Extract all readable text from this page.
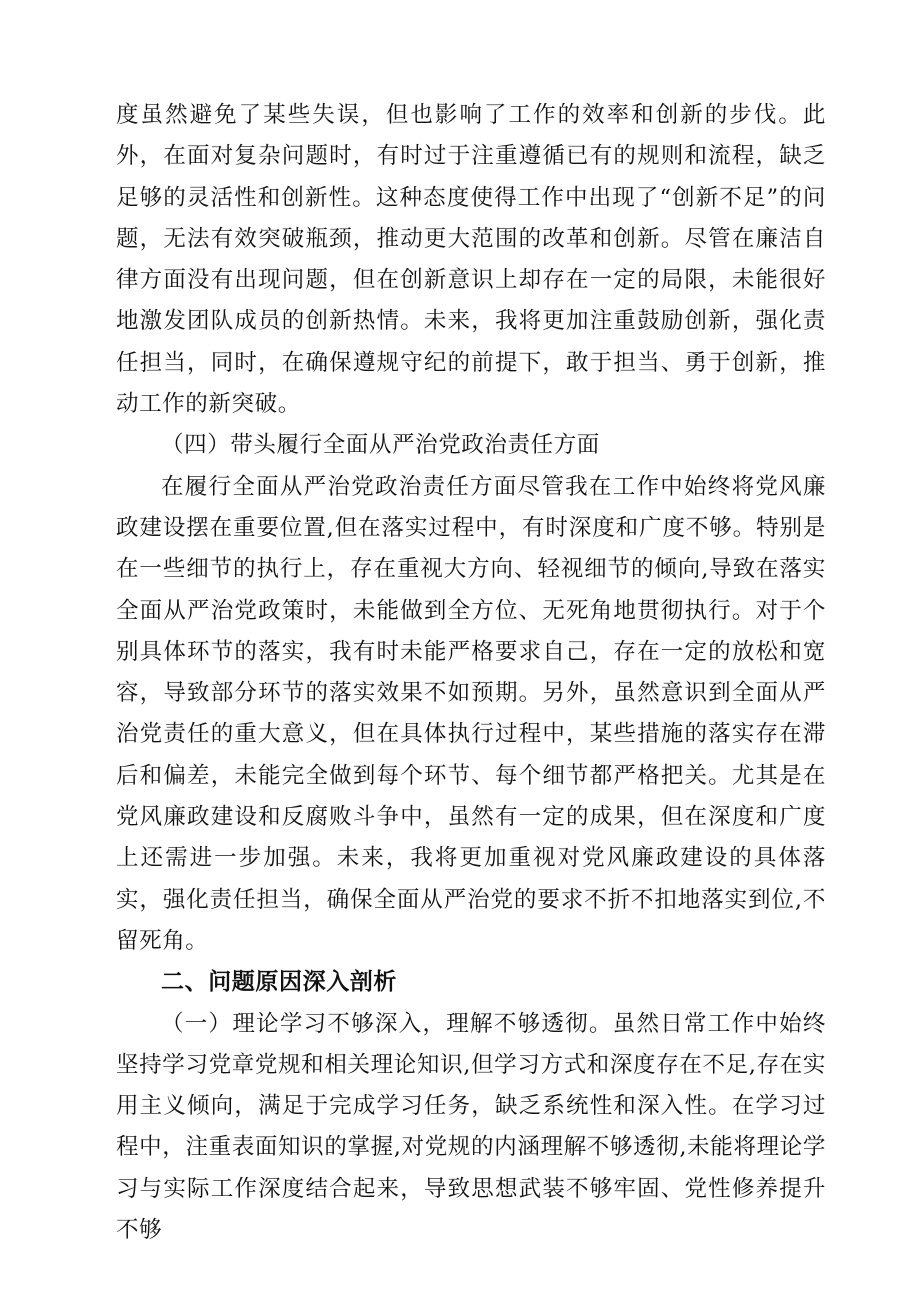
度虽然避免了某些失误，但也影响了工作的效率和创新的步伐。此外，在面对复杂问题时，有时过于注重遵循已有的规则和流程，缺乏足够的灵活性和创新性。这种态度使得工作中出现了“创新不足”的问题，无法有效突破瓶颈，推动更大范围的改革和创新。尽管在廉洁自律方面没有出现问题，但在创新意识上却存在一定的局限，未能很好地激发团队成员的创新热情。未来，我将更加注重鼓励创新，强化责任担当，同时，在确保遵规守纪的前提下，敢于担当、勇于创新，推动工作的新突破。

（四）带头履行全面从严治党政治责任方面

在履行全面从严治党政治责任方面尽管我在工作中始终将党风廉政建设摆在重要位置,但在落实过程中，有时深度和广度不够。特别是在一些细节的执行上，存在重视大方向、轻视细节的倾向,导致在落实全面从严治党政策时，未能做到全方位、无死角地贯彻执行。对于个别具体环节的落实，我有时未能严格要求自己，存在一定的放松和宽容，导致部分环节的落实效果不如预期。另外，虽然意识到全面从严治党责任的重大意义，但在具体执行过程中，某些措施的落实存在滞后和偏差，未能完全做到每个环节、每个细节都严格把关。尤其是在党风廉政建设和反腐败斗争中，虽然有一定的成果，但在深度和广度上还需进一步加强。未来，我将更加重视对党风廉政建设的具体落实，强化责任担当，确保全面从严治党的要求不折不扣地落实到位,不留死角。

二、问题原因深入剖析

（一）理论学习不够深入，理解不够透彻。虽然日常工作中始终坚持学习党章党规和相关理论知识,但学习方式和深度存在不足,存在实用主义倾向，满足于完成学习任务，缺乏系统性和深入性。在学习过程中，注重表面知识的掌握,对党规的内涵理解不够透彻,未能将理论学习与实际工作深度结合起来，导致思想武装不够牢固、党性修养提升不够
